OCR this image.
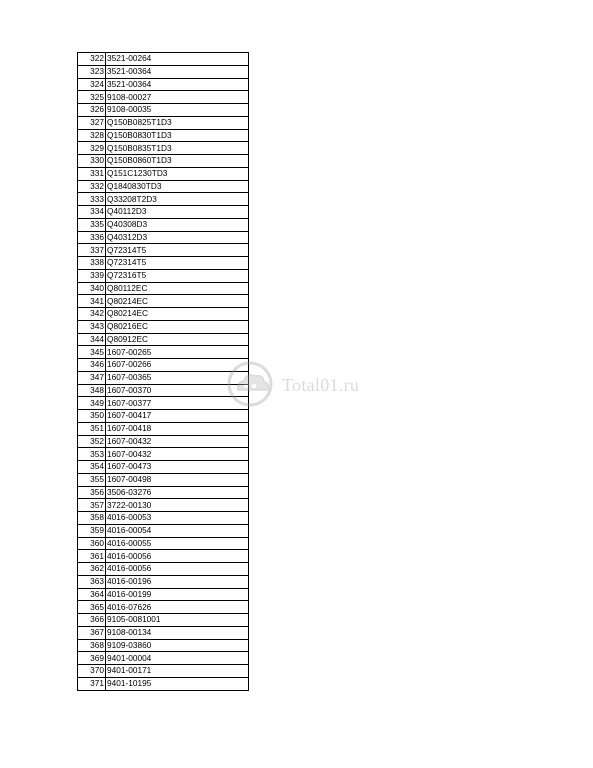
322	3521-00264
323	3521-00364
324	3521-00364
325	9108-00027
326	9108-00035
327	Q150B0825T1D3
328	Q150B0830T1D3
329	Q150B0835T1D3
330	Q150B0860T1D3
331	Q151C1230TD3
332	Q1840830TD3
333	Q33208T2D3
334	Q40112D3
335	Q40308D3
336	Q40312D3
337	Q72314T5
338	Q72314T5
339	Q72316T5
340	Q80112EC
341	Q80214EC
342	Q80214EC
343	Q80216EC
344	Q80912EC
345	1607-00265
346	1607-00266
347	1607-00365
348	1607-00370
349	1607-00377
350	1607-00417
351	1607-00418
352	1607-00432
353	1607-00432
354	1607-00473
355	1607-00498
356	3506-03276
357	3722-00130
358	4016-00053
359	4016-00054
360	4016-00055
361	4016-00056
362	4016-00056
363	4016-00196
364	4016-00199
365	4016-07626
366	9105-0081001
367	9108-00134
368	9109-03860
369	9401-00004
370	9401-00171
371	9401-10195
Total01.ru
